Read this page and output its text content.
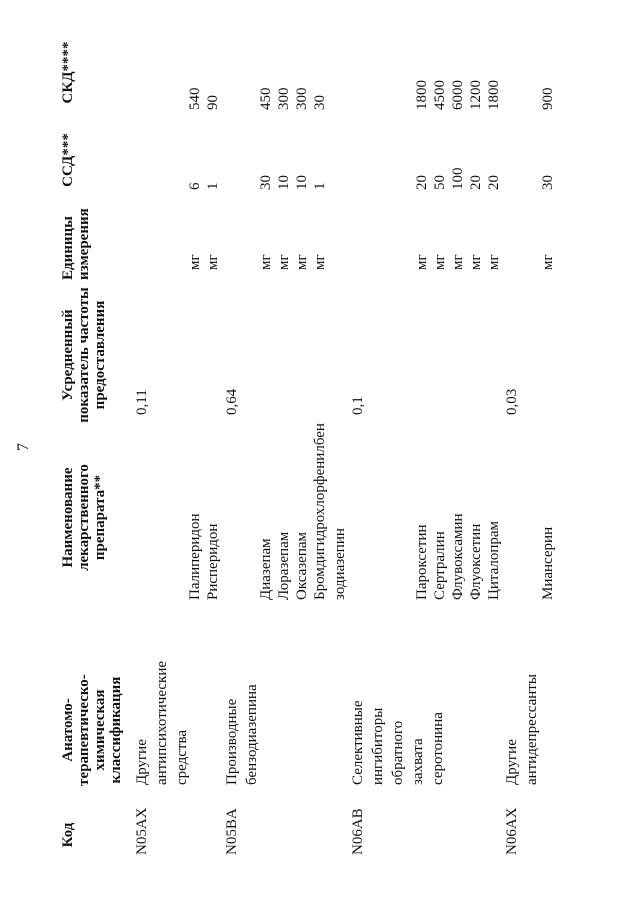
7
Код
Анатомо-терапевтическо-химическая классификация
Наименование лекарственного препарата**
Усредненный показатель частоты предоставления
Единицы измерения
ССД***
СКД****
N05AX
Другие антипсихотические средства
0,11
Палиперидон
мг
6
540
Рисперидон
мг
1
90
N05BA
Производные бензодиазепина
0,64
Диазепам
мг
30
450
Лоразепам
мг
10
300
Оксазепам
мг
10
300
Бромдигидрохлорфенилбензодиазепин
мг
1
30
N06AB
Селективные ингибиторы обратного захвата серотонина
0,1
Пароксетин
мг
20
1800
Сертралин
мг
50
4500
Флувоксамин
мг
100
6000
Флуоксетин
мг
20
1200
Циталопрам
мг
20
1800
N06AX
Другие антидепрессанты
0,03
Миансерин
мг
30
900
